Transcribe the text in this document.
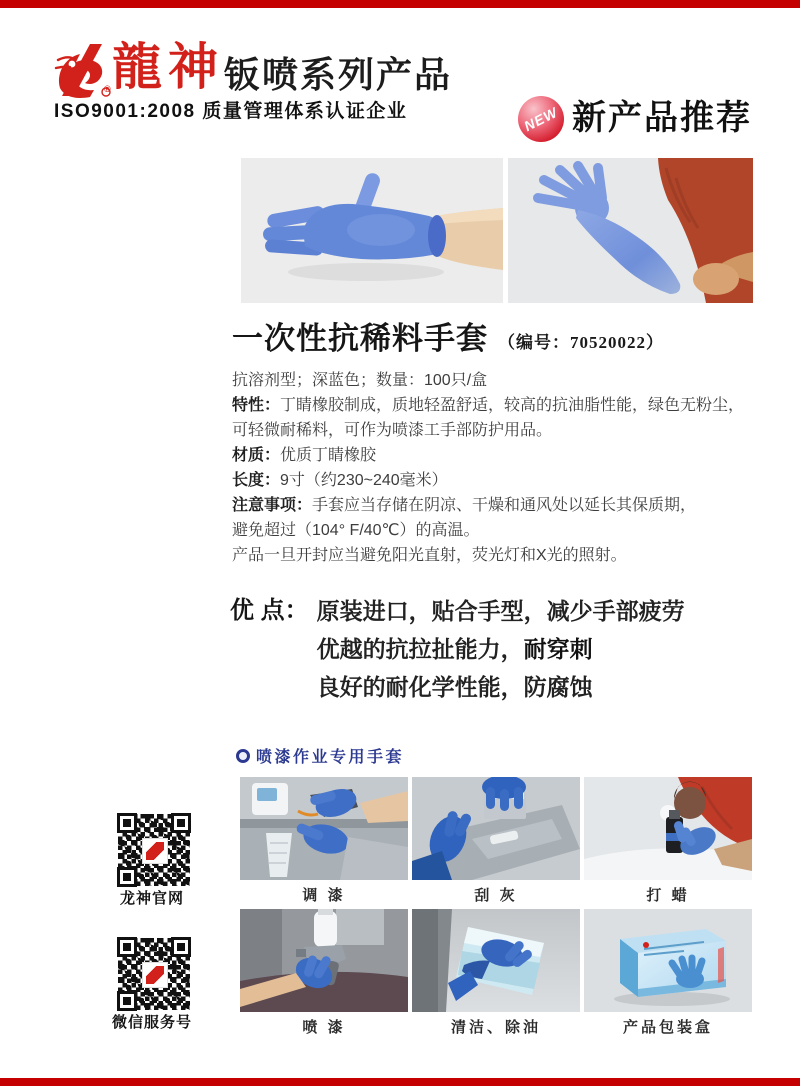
® 龍神 钣喷系列产品
ISO9001:2008 质量管理体系认证企业	NEW 新产品推荐
一次性抗稀料手套 （编号：70520022）
抗溶剂型；深蓝色；数量：100只/盒
特性：丁睛橡胶制成，质地轻盈舒适，较高的抗油脂性能，绿色无粉尘，
可轻微耐稀料，可作为喷漆工手部防护用品。
材质：优质丁睛橡胶
长度：9寸（约230~240毫米）
注意事项：手套应当存储在阴凉、干燥和通风处以延长其保质期，
避免超过（104° F/40℃）的高温。
产品一旦开封应当避免阳光直射，荧光灯和X光的照射。
优 点： 原装进口，贴合手型，减少手部疲劳
优越的抗拉扯能力，耐穿刺
良好的耐化学性能，防腐蚀
喷漆作业专用手套
调 漆	刮 灰	打 蜡
喷 漆	清洁、除油	产品包装盒
龙神官网
微信服务号
